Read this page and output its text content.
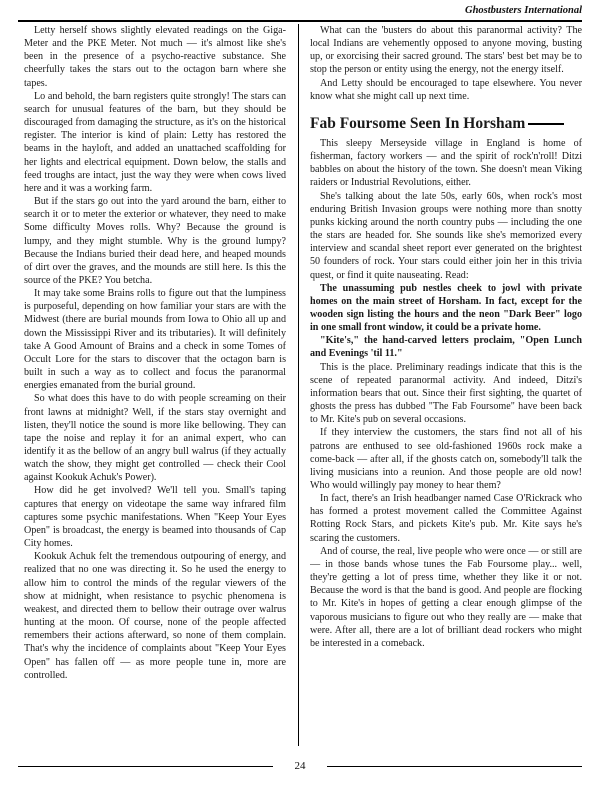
Ghostbusters International

Letty herself shows slightly elevated readings on the Giga-Meter and the PKE Meter. Not much — it's almost like she's been in the presence of a psycho-reactive substance. She cheerfully takes the stars out to the octagon barn where she tapes.

Lo and behold, the barn registers quite strongly! The stars can search for unusual features of the barn, but they should be discouraged from damaging the structure, as it's on the historical register. The interior is kind of plain: Letty has restored the beams in the hayloft, and added an unattached scaffolding for her lights and electrical equipment. Down below, the stalls and feed troughs are intact, just the way they were when cows lived here and it was a working farm.

But if the stars go out into the yard around the barn, either to search it or to meter the exterior or whatever, they need to make Some difficulty Moves rolls. Why? Because the ground is lumpy, and they might stumble. Why is the ground lumpy? Because the Indians buried their dead here, and heaped mounds of dirt over the graves, and the mounds are still here. Is this the source of the PKE? You betcha.

It may take some Brains rolls to figure out that the lumpiness is purposeful, depending on how familiar your stars are with the Midwest (there are burial mounds from Iowa to Ohio all up and down the Mississippi River and its tributaries). It will definitely take A Good Amount of Brains and a check in some Tomes of Occult Lore for the stars to discover that the octagon barn is built in such a way as to collect and focus the paranormal energies emanated from the burial ground.

So what does this have to do with people screaming on their front lawns at midnight? Well, if the stars stay overnight and listen, they'll notice the sound is more like bellowing. They can tape the noise and replay it for an animal expert, who can identify it as the bellow of an angry bull walrus (if they actually watch the show, they might get controlled — check their Cool against Kookuk Achuk's Power).

How did he get involved? We'll tell you. Small's taping captures that energy on videotape the same way infrared film captures some psychic manifestations. When "Keep Your Eyes Open" is broadcast, the energy is beamed into thousands of Cap City homes.

Kookuk Achuk felt the tremendous outpouring of energy, and realized that no one was directing it. So he used the energy to allow him to control the minds of the regular viewers of the show at midnight, when resistance to psychic phenomena is weakest, and directed them to bellow their outrage over walrus hunting at the moon. Of course, none of the people affected remembers their actions afterward, so none of them complain. That's why the incidence of complaints about "Keep Your Eyes Open" has fallen off — as more people tune in, more are controlled.

What can the 'busters do about this paranormal activity? The local Indians are vehemently opposed to anyone moving, busting up, or exorcising their sacred ground. The stars' best bet may be to stop the person or entity using the energy, not the energy itself.

And Letty should be encouraged to tape elsewhere. You never know what she might call up next time.

Fab Foursome Seen In Horsham

This sleepy Merseyside village in England is home of fisherman, factory workers — and the spirit of rock'n'roll! Ditzi babbles on about the history of the town. She doesn't mean Viking raiders or Industrial Revolutions, either.

She's talking about the late 50s, early 60s, when rock's most enduring British Invasion groups were nothing more than snotty punks kicking around the north country pubs — including the one the stars are headed for. She sounds like she's memorized every interview and scandal sheet report ever generated on the brightest 50 founders of rock. Your stars could either join her in this trivia quest, or find it quite nauseating. Read:

The unassuming pub nestles cheek to jowl with private homes on the main street of Horsham. In fact, except for the wooden sign listing the hours and the neon "Dark Beer" logo in one small front window, it could be a private home.

"Kite's," the hand-carved letters proclaim, "Open Lunch and Evenings 'til 11."

This is the place. Preliminary readings indicate that this is the scene of repeated paranormal activity. And indeed, Ditzi's information bears that out. Since their first sighting, the quartet of ghosts the press has dubbed "The Fab Foursome" have been back to Mr. Kite's pub on several occasions.

If they interview the customers, the stars find not all of his patrons are enthused to see old-fashioned 1960s rock make a come-back — after all, if the ghosts catch on, somebody'll talk the living musicians into a reunion. And those people are old now! Who would willingly pay money to hear them?

In fact, there's an Irish headbanger named Case O'Rickrack who has formed a protest movement called the Committee Against Rotting Rock Stars, and pickets Kite's pub. Mr. Kite says he's scaring the customers.

And of course, the real, live people who were once — or still are — in those bands whose tunes the Fab Foursome play... well, they're getting a lot of press time, whether they like it or not. Because the word is that the band is good. And people are flocking to Mr. Kite's in hopes of getting a clear enough glimpse of the vaporous musicians to figure out who they really are — make that were. After all, there are a lot of brilliant dead rockers who might be interested in a comeback.

24
